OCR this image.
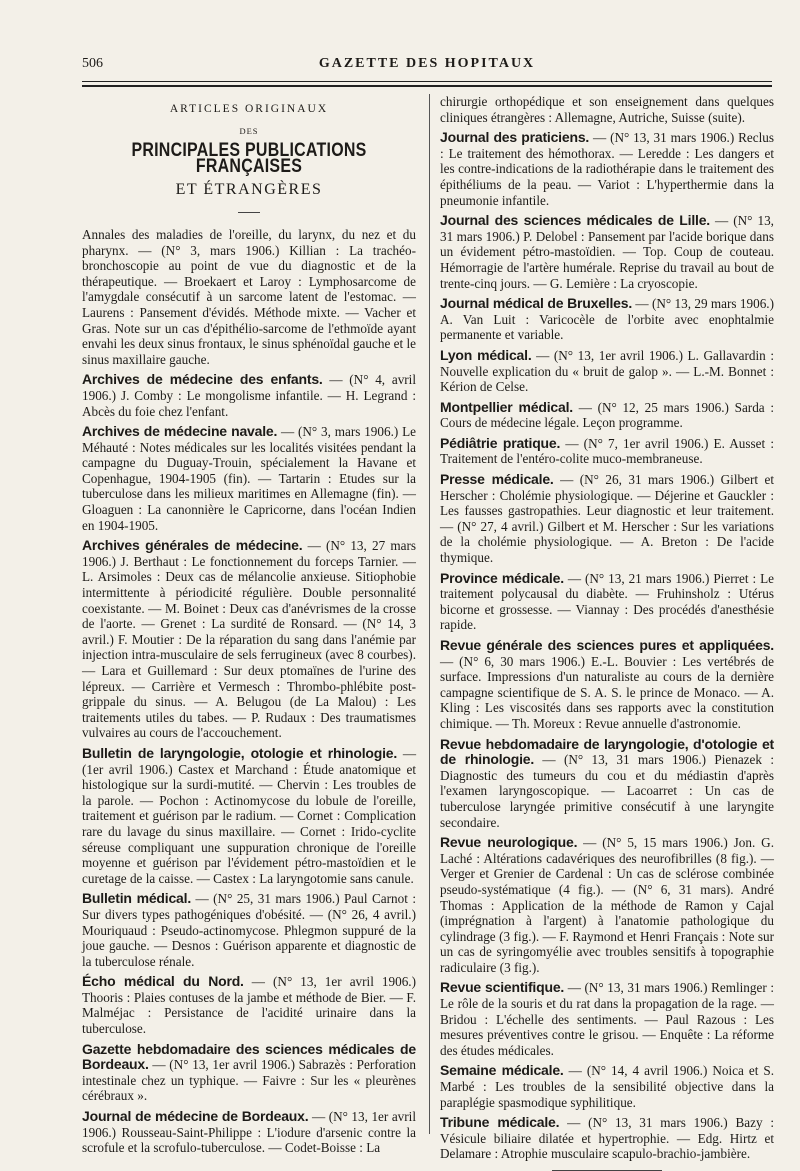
506	GAZETTE DES HOPITAUX
ARTICLES ORIGINAUX
DES
PRINCIPALES PUBLICATIONS FRANÇAISES
ET ÉTRANGÈRES

Annales des maladies de l'oreille, du larynx, du nez et du pharynx. — (N° 3, mars 1906.) Killian : La trachéo-bronchoscopie au point de vue du diagnostic et de la thérapeutique. — Broekaert et Laroy : Lymphosarcome de l'amygdale consécutif à un sarcome latent de l'estomac. — Laurens : Pansement d'évidés. Méthode mixte. — Vacher et Gras. Note sur un cas d'épithélio-sarcome de l'ethmoïde ayant envahi les deux sinus frontaux, le sinus sphénoïdal gauche et le sinus maxillaire gauche.

Archives de médecine des enfants. — (N° 4, avril 1906.) J. Comby : Le mongolisme infantile. — H. Legrand : Abcès du foie chez l'enfant.

Archives de médecine navale. — (N° 3, mars 1906.) Le Méhauté : Notes médicales sur les localités visitées pendant la campagne du Duguay-Trouin, spécialement la Havane et Copenhague, 1904-1905 (fin). — Tartarin : Etudes sur la tuberculose dans les milieux maritimes en Allemagne (fin). — Gloaguen : La canonnière le Capricorne, dans l'océan Indien en 1904-1905.

Archives générales de médecine. — (N° 13, 27 mars 1906.) J. Berthaut : Le fonctionnement du forceps Tarnier. — L. Arsimoles : Deux cas de mélancolie anxieuse. Sitiophobie intermittente à périodicité régulière. Double personnalité coexistante. — M. Boinet : Deux cas d'anévrismes de la crosse de l'aorte. — Grenet : La surdité de Ronsard. — (N° 14, 3 avril.) F. Moutier : De la réparation du sang dans l'anémie par injection intra-musculaire de sels ferrugineux (avec 8 courbes). — Lara et Guillemard : Sur deux ptomaïnes de l'urine des lépreux. — Carrière et Vermesch : Thrombo-phlébite post-grippale du sinus. — A. Belugou (de La Malou) : Les traitements utiles du tabes. — P. Rudaux : Des traumatismes vulvaires au cours de l'accouchement.

Bulletin de laryngologie, otologie et rhinologie. — (1er avril 1906.) Castex et Marchand : Étude anatomique et histologique sur la surdi-mutité. — Chervin : Les troubles de la parole. — Pochon : Actinomycose du lobule de l'oreille, traitement et guérison par le radium. — Cornet : Complication rare du lavage du sinus maxillaire. — Cornet : Irido-cyclite séreuse compliquant une suppuration chronique de l'oreille moyenne et guérison par l'évidement pétro-mastoïdien et le curetage de la caisse. — Castex : La laryngotomie sans canule.

Bulletin médical. — (N° 25, 31 mars 1906.) Paul Carnot : Sur divers types pathogéniques d'obésité. — (N° 26, 4 avril.) Mouriquaud : Pseudo-actinomycose. Phlegmon suppuré de la joue gauche. — Desnos : Guérison apparente et diagnostic de la tuberculose rénale.

Écho médical du Nord. — (N° 13, 1er avril 1906.) Thooris : Plaies contuses de la jambe et méthode de Bier. — F. Malméjac : Persistance de l'acidité urinaire dans la tuberculose.

Gazette hebdomadaire des sciences médicales de Bordeaux. — (N° 13, 1er avril 1906.) Sabrazès : Perforation intestinale chez un typhique. — Faivre : Sur les « pleurènes cérébraux ».

Journal de médecine de Bordeaux. — (N° 13, 1er avril 1906.) Rousseau-Saint-Philippe : L'iodure d'arsenic contre la scrofule et la scrofulo-tuberculose. — Codet-Boisse : La

chirurgie orthopédique et son enseignement dans quelques cliniques étrangères : Allemagne, Autriche, Suisse (suite).

Journal des praticiens. — (N° 13, 31 mars 1906.) Reclus : Le traitement des hémothorax. — Leredde : Les dangers et les contre-indications de la radiothérapie dans le traitement des épithéliums de la peau. — Variot : L'hyperthermie dans la pneumonie infantile.

Journal des sciences médicales de Lille. — (N° 13, 31 mars 1906.) P. Delobel : Pansement par l'acide borique dans un évidement pétro-mastoïdien. — Top. Coup de couteau. Hémorragie de l'artère humérale. Reprise du travail au bout de trente-cinq jours. — G. Lemière : La cryoscopie.

Journal médical de Bruxelles. — (N° 13, 29 mars 1906.) A. Van Luit : Varicocèle de l'orbite avec enophtalmie permanente et variable.

Lyon médical. — (N° 13, 1er avril 1906.) L. Gallavardin : Nouvelle explication du « bruit de galop ». — L.-M. Bonnet : Kérion de Celse.

Montpellier médical. — (N° 12, 25 mars 1906.) Sarda : Cours de médecine légale. Leçon programme.

Pédiâtrie pratique. — (N° 7, 1er avril 1906.) E. Ausset : Traitement de l'entéro-colite muco-membraneuse.

Presse médicale. — (N° 26, 31 mars 1906.) Gilbert et Herscher : Cholémie physiologique. — Déjerine et Gauckler : Les fausses gastropathies. Leur diagnostic et leur traitement. — (N° 27, 4 avril.) Gilbert et M. Herscher : Sur les variations de la cholémie physiologique. — A. Breton : De l'acide thymique.

Province médicale. — (N° 13, 21 mars 1906.) Pierret : Le traitement polycausal du diabète. — Fruhinsholz : Utérus bicorne et grossesse. — Viannay : Des procédés d'anesthésie rapide.

Revue générale des sciences pures et appliquées. — (N° 6, 30 mars 1906.) E.-L. Bouvier : Les vertébrés de surface. Impressions d'un naturaliste au cours de la dernière campagne scientifique de S. A. S. le prince de Monaco. — A. Kling : Les viscosités dans ses rapports avec la constitution chimique. — Th. Moreux : Revue annuelle d'astronomie.

Revue hebdomadaire de laryngologie, d'otologie et de rhinologie. — (N° 13, 31 mars 1906.) Pienazek : Diagnostic des tumeurs du cou et du médiastin d'après l'examen laryngoscopique. — Lacoarret : Un cas de tuberculose laryngée primitive consécutif à une laryngite secondaire.

Revue neurologique. — (N° 5, 15 mars 1906.) Jon. G. Laché : Altérations cadavériques des neurofibrilles (8 fig.). — Verger et Grenier de Cardenal : Un cas de sclérose combinée pseudo-systématique (4 fig.). — (N° 6, 31 mars). André Thomas : Application de la méthode de Ramon y Cajal (imprégnation à l'argent) à l'anatomie pathologique du cylindrage (3 fig.). — F. Raymond et Henri Français : Note sur un cas de syringomyélie avec troubles sensitifs à topographie radiculaire (3 fig.).

Revue scientifique. — (N° 13, 31 mars 1906.) Remlinger : Le rôle de la souris et du rat dans la propagation de la rage. — Bridou : L'échelle des sentiments. — Paul Razous : Les mesures préventives contre le grisou. — Enquête : La réforme des études médicales.

Semaine médicale. — (N° 14, 4 avril 1906.) Noica et S. Marbé : Les troubles de la sensibilité objective dans la paraplégie spasmodique syphilitique.

Tribune médicale. — (N° 13, 31 mars 1906.) Bazy : Vésicule biliaire dilatée et hypertrophie. — Edg. Hirtz et Delamare : Atrophie musculaire scapulo-brachio-jambière.
